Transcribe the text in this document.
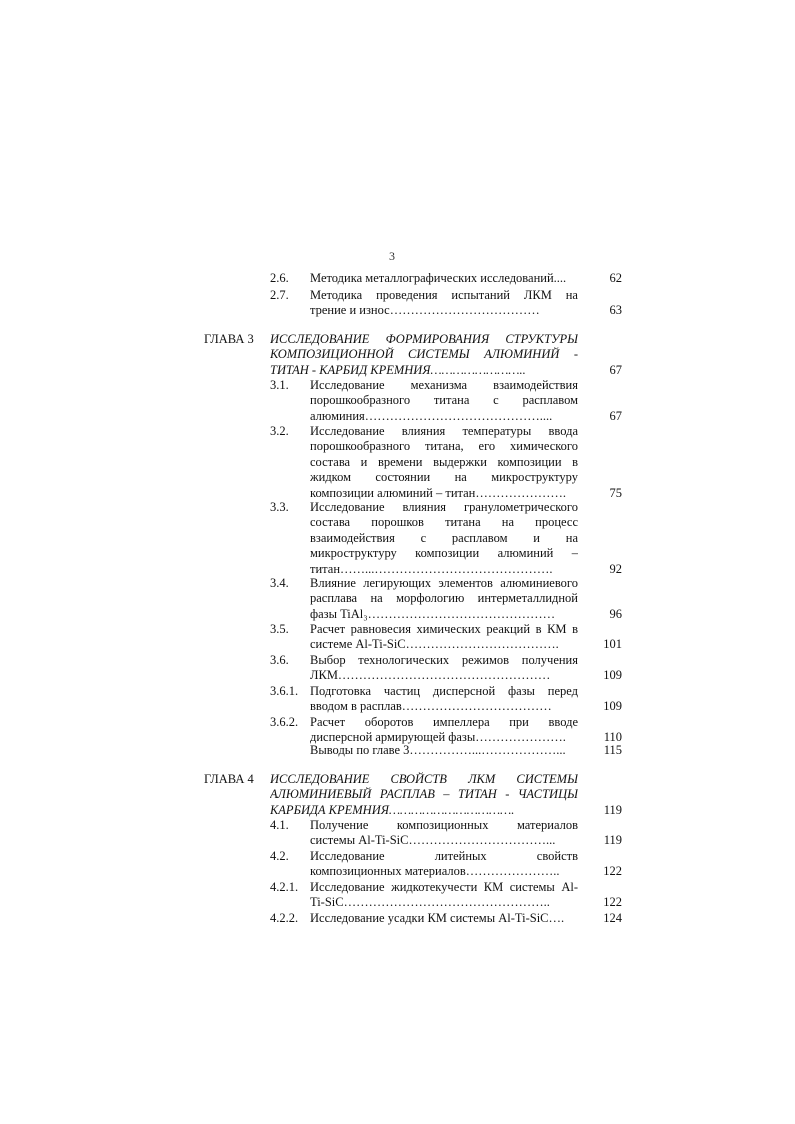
3
2.6. Методика металлографических исследований....	62
2.7. Методика проведения испытаний ЛКМ на
трение и износ………………………………	63
ГЛАВА 3 ИССЛЕДОВАНИЕ ФОРМИРОВАНИЯ СТРУКТУРЫ
КОМПОЗИЦИОННОЙ СИСТЕМЫ АЛЮМИНИЙ -
ТИТАН - КАРБИД КРЕМНИЯ……………………..	67
3.1. Исследование механизма взаимодействия
порошкообразного титана с расплавом
алюминия……………………………………....	67
3.2. Исследование влияния температуры ввода
порошкообразного титана, его химического
состава и времени выдержки композиции в
жидком состоянии на микроструктуру
композиции алюминий – титан………………….	75
3.3. Исследование влияния гранулометрического
состава порошков титана на процесс
взаимодействия с расплавом и на
микроструктуру композиции алюминий –
титан……...…………………………………….	92
3.4. Влияние легирующих элементов алюминиевого
расплава на морфологию интерметаллидной
фазы TiAl₃………………………………………	96
3.5. Расчет равновесия химических реакций в КМ в
системе Al-Ti-SiC……………………………….	101
3.6. Выбор технологических режимов получения
ЛКМ……………………………………………	109
3.6.1. Подготовка частиц дисперсной фазы перед
вводом в расплав………………………………	109
3.6.2. Расчет оборотов импеллера при вводе
дисперсной армирующей фазы………………….	110
Выводы по главе 3……………...………………...	115
ГЛАВА 4 ИССЛЕДОВАНИЕ СВОЙСТВ ЛКМ СИСТЕМЫ
АЛЮМИНИЕВЫЙ РАСПЛАВ – ТИТАН - ЧАСТИЦЫ
КАРБИДА КРЕМНИЯ…………………………….	119
4.1. Получение композиционных материалов
системы Al-Ti-SiC……………………………...	119
4.2. Исследование литейных свойств
композиционных материалов…………………..	122
4.2.1. Исследование жидкотекучести КМ системы Al-
Ti-SiC…………………………………………..	122
4.2.2. Исследование усадки КМ системы Al-Ti-SiC….	124
